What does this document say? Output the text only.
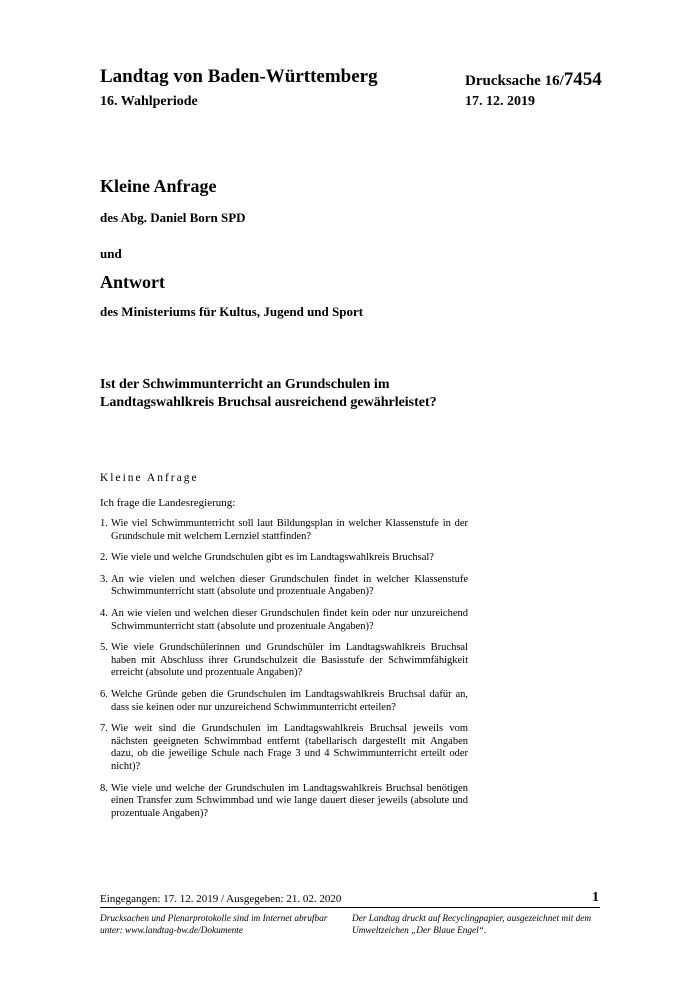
Landtag von Baden-Württemberg	Drucksache 16/7454
16. Wahlperiode	17. 12. 2019
Kleine Anfrage
des Abg. Daniel Born SPD
und
Antwort
des Ministeriums für Kultus, Jugend und Sport
Ist der Schwimmunterricht an Grundschulen im Landtagswahlkreis Bruchsal ausreichend gewährleistet?
Kleine Anfrage
Ich frage die Landesregierung:
1. Wie viel Schwimmunterricht soll laut Bildungsplan in welcher Klassenstufe in der Grundschule mit welchem Lernziel stattfinden?
2. Wie viele und welche Grundschulen gibt es im Landtagswahlkreis Bruchsal?
3. An wie vielen und welchen dieser Grundschulen findet in welcher Klassenstufe Schwimmunterricht statt (absolute und prozentuale Angaben)?
4. An wie vielen und welchen dieser Grundschulen findet kein oder nur unzureichend Schwimmunterricht statt (absolute und prozentuale Angaben)?
5. Wie viele Grundschülerinnen und Grundschüler im Landtagswahlkreis Bruchsal haben mit Abschluss ihrer Grundschulzeit die Basisstufe der Schwimmfähigkeit erreicht (absolute und prozentuale Angaben)?
6. Welche Gründe geben die Grundschulen im Landtagswahlkreis Bruchsal dafür an, dass sie keinen oder nur unzureichend Schwimmunterricht erteilen?
7. Wie weit sind die Grundschulen im Landtagswahlkreis Bruchsal jeweils vom nächsten geeigneten Schwimmbad entfernt (tabellarisch dargestellt mit Angaben dazu, ob die jeweilige Schule nach Frage 3 und 4 Schwimmunterricht erteilt oder nicht)?
8. Wie viele und welche der Grundschulen im Landtagswahlkreis Bruchsal benötigen einen Transfer zum Schwimmbad und wie lange dauert dieser jeweils (absolute und prozentuale Angaben)?
Eingegangen: 17. 12. 2019 / Ausgegeben: 21. 02. 2020	1
Drucksachen und Plenarprotokolle sind im Internet abrufbar unter: www.landtag-bw.de/Dokumente
Der Landtag druckt auf Recyclingpapier, ausgezeichnet mit dem Umweltzeichen „Der Blaue Engel“.
